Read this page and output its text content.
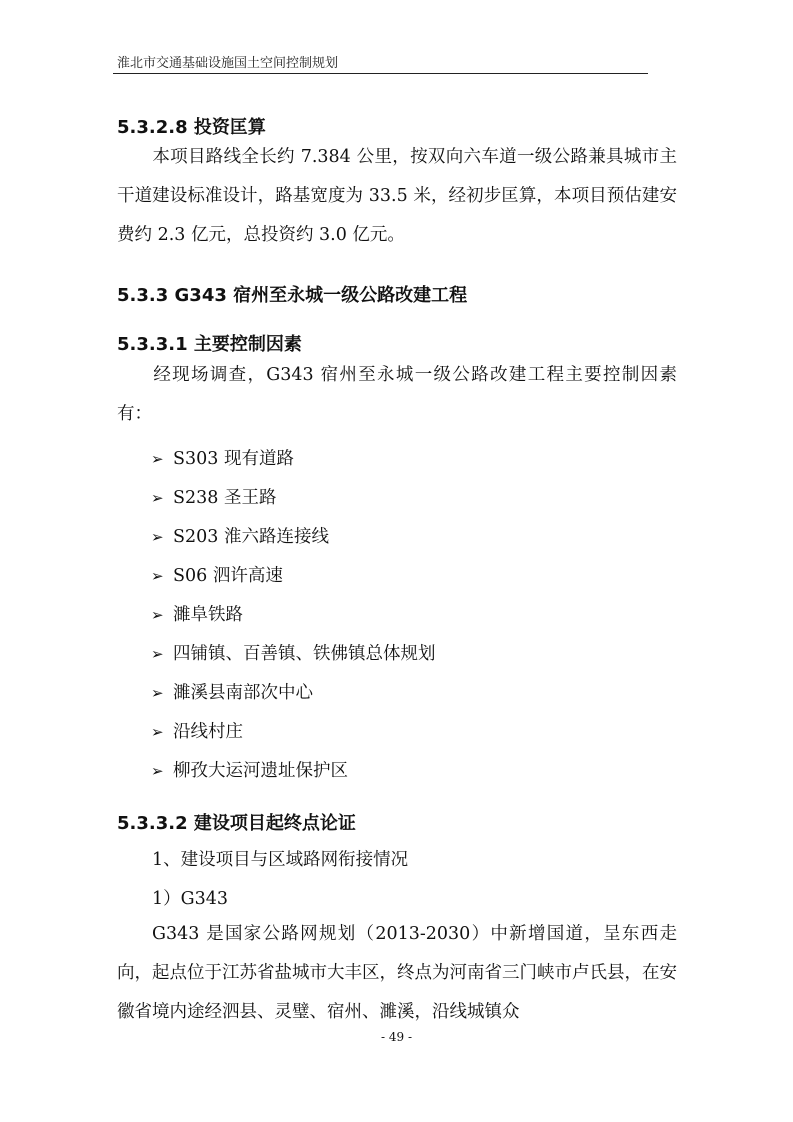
淮北市交通基础设施国土空间控制规划
5.3.2.8 投资匡算
本项目路线全长约 7.384 公里，按双向六车道一级公路兼具城市主干道建设标准设计，路基宽度为 33.5 米，经初步匡算，本项目预估建安费约 2.3 亿元，总投资约 3.0 亿元。
5.3.3 G343 宿州至永城一级公路改建工程
5.3.3.1 主要控制因素
经现场调查，G343 宿州至永城一级公路改建工程主要控制因素有：
➢ S303 现有道路
➢ S238 圣王路
➢ S203 淮六路连接线
➢ S06 泗许高速
➢ 濉阜铁路
➢ 四铺镇、百善镇、铁佛镇总体规划
➢ 濉溪县南部次中心
➢ 沿线村庄
➢ 柳孜大运河遗址保护区
5.3.3.2 建设项目起终点论证
1、建设项目与区域路网衔接情况
1）G343
G343 是国家公路网规划（2013-2030）中新增国道，呈东西走向，起点位于江苏省盐城市大丰区，终点为河南省三门峡市卢氏县，在安徽省境内途经泗县、灵璧、宿州、濉溪，沿线城镇众
- 49 -
